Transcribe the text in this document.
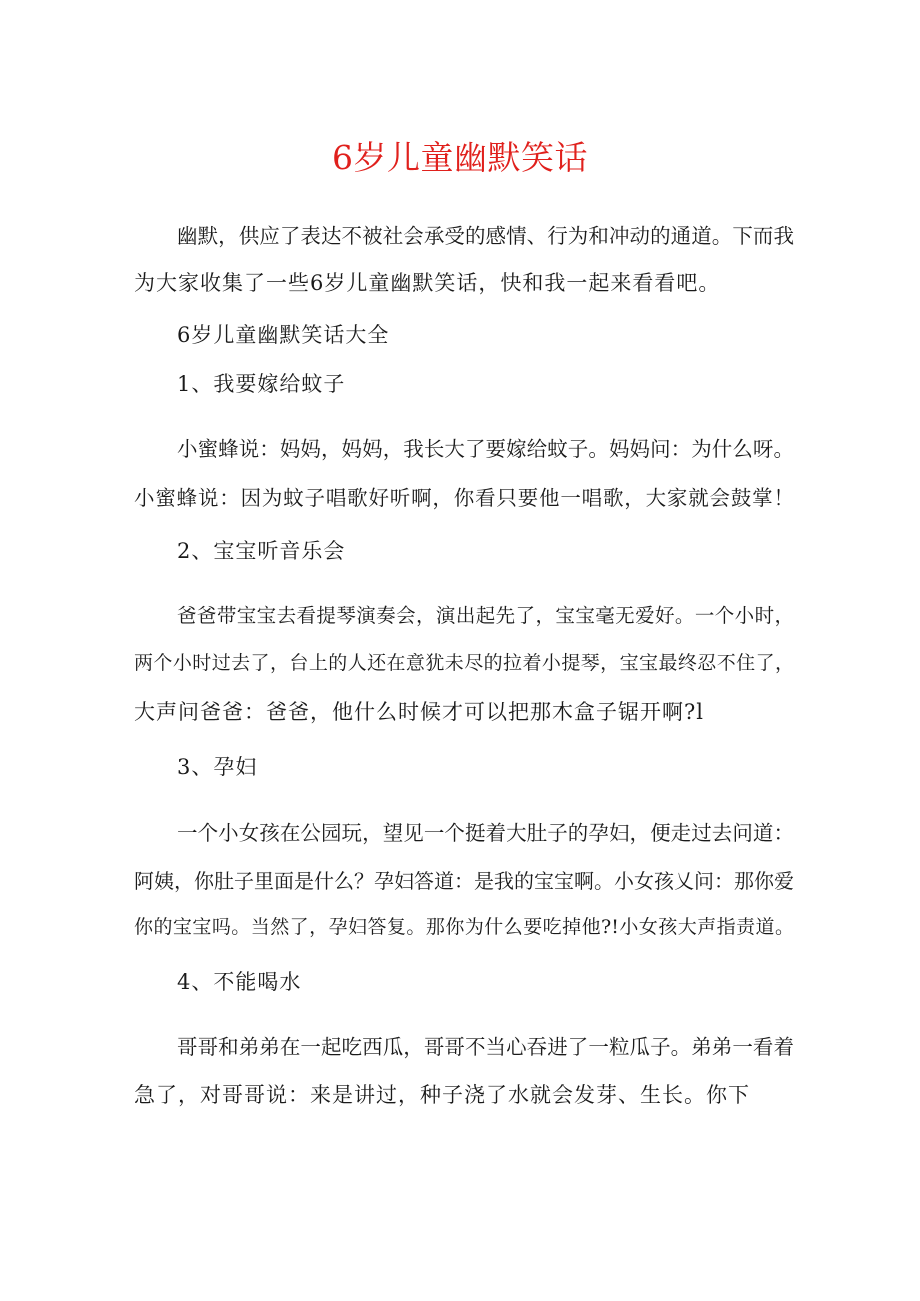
6岁儿童幽默笑话
幽默，供应了表达不被社会承受的感情、行为和冲动的通道。下而我
为大家收集了一些6岁儿童幽默笑话，快和我一起来看看吧。
6岁儿童幽默笑话大全
1、我要嫁给蚊子
小蜜蜂说：妈妈，妈妈，我长大了要嫁给蚊子。妈妈问：为什么呀。
小蜜蜂说：因为蚊子唱歌好听啊，你看只要他一唱歌，大家就会鼓掌！
2、宝宝听音乐会
爸爸带宝宝去看提琴演奏会，演出起先了，宝宝毫无爱好。一个小时，
两个小时过去了，台上的人还在意犹未尽的拉着小提琴，宝宝最终忍不住了，
大声问爸爸：爸爸，他什么时候才可以把那木盒子锯开啊?l
3、孕妇
一个小女孩在公园玩，望见一个挺着大肚子的孕妇，便走过去问道：
阿姨，你肚子里面是什么？孕妇答道：是我的宝宝啊。小女孩乂问：那你爱
你的宝宝吗。当然了，孕妇答复。那你为什么要吃掉他?!小女孩大声指责道。
4、不能喝水
哥哥和弟弟在一起吃西瓜，哥哥不当心吞进了一粒瓜子。弟弟一看着
急了，对哥哥说：来是讲过，种子浇了水就会发芽、生长。你下
